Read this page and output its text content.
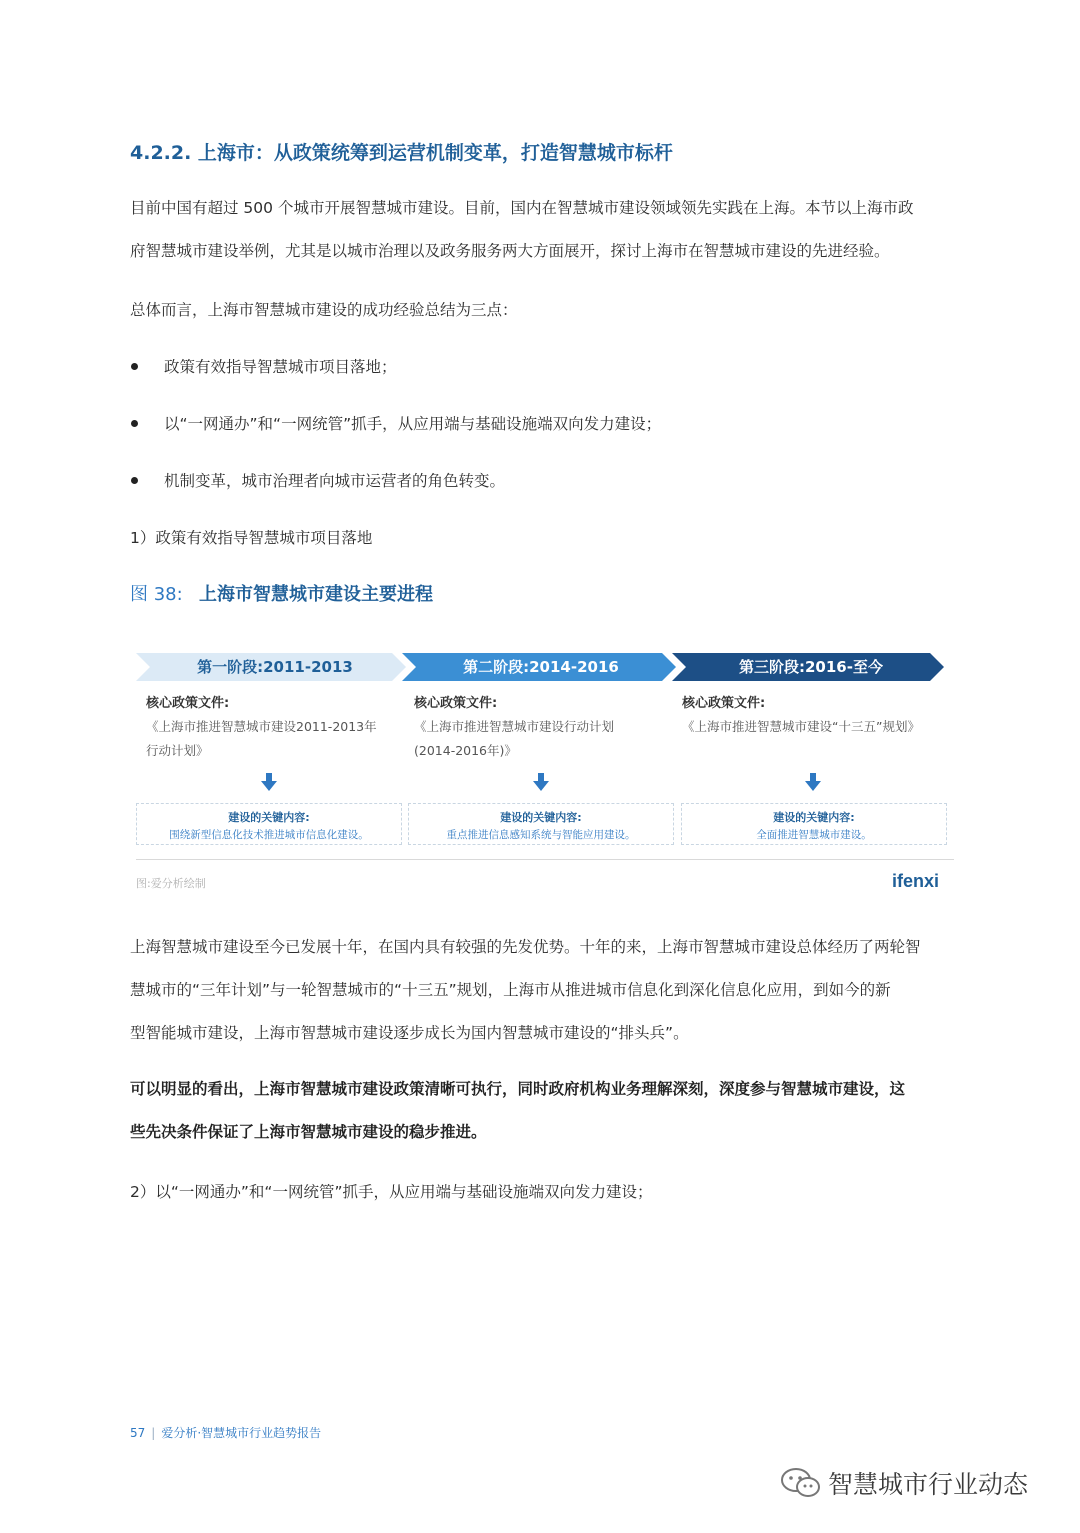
4.2.2. 上海市：从政策统筹到运营机制变革，打造智慧城市标杆
目前中国有超过 500 个城市开展智慧城市建设。目前，国内在智慧城市建设领域领先实践在上海。本节以上海市政
府智慧城市建设举例，尤其是以城市治理以及政务服务两大方面展开，探讨上海市在智慧城市建设的先进经验。
总体而言，上海市智慧城市建设的成功经验总结为三点：
政策有效指导智慧城市项目落地；
以“一网通办”和“一网统管”抓手，从应用端与基础设施端双向发力建设；
机制变革，城市治理者向城市运营者的角色转变。
1）政策有效指导智慧城市项目落地
图 38: 上海市智慧城市建设主要进程
第一阶段:2011-2013	第二阶段:2014-2016	第三阶段:2016-至今
核心政策文件:
《上海市推进智慧城市建设2011-2013年
行动计划》
建设的关键内容:
围绕新型信息化技术推进城市信息化建设。
核心政策文件:
《上海市推进智慧城市建设行动计划
(2014-2016年)》
建设的关键内容:
重点推进信息感知系统与智能应用建设。
核心政策文件:
《上海市推进智慧城市建设“十三五”规划》
建设的关键内容:
全面推进智慧城市建设。
图:爱分析绘制	ifenxi
上海智慧城市建设至今已发展十年，在国内具有较强的先发优势。十年的来，上海市智慧城市建设总体经历了两轮智
慧城市的“三年计划”与一轮智慧城市的“十三五”规划，上海市从推进城市信息化到深化信息化应用，到如今的新
型智能城市建设，上海市智慧城市建设逐步成长为国内智慧城市建设的“排头兵”。
可以明显的看出，上海市智慧城市建设政策清晰可执行，同时政府机构业务理解深刻，深度参与智慧城市建设，这
些先决条件保证了上海市智慧城市建设的稳步推进。
2）以“一网通办”和“一网统管”抓手，从应用端与基础设施端双向发力建设；
57 | 爱分析·智慧城市行业趋势报告
智慧城市行业动态
